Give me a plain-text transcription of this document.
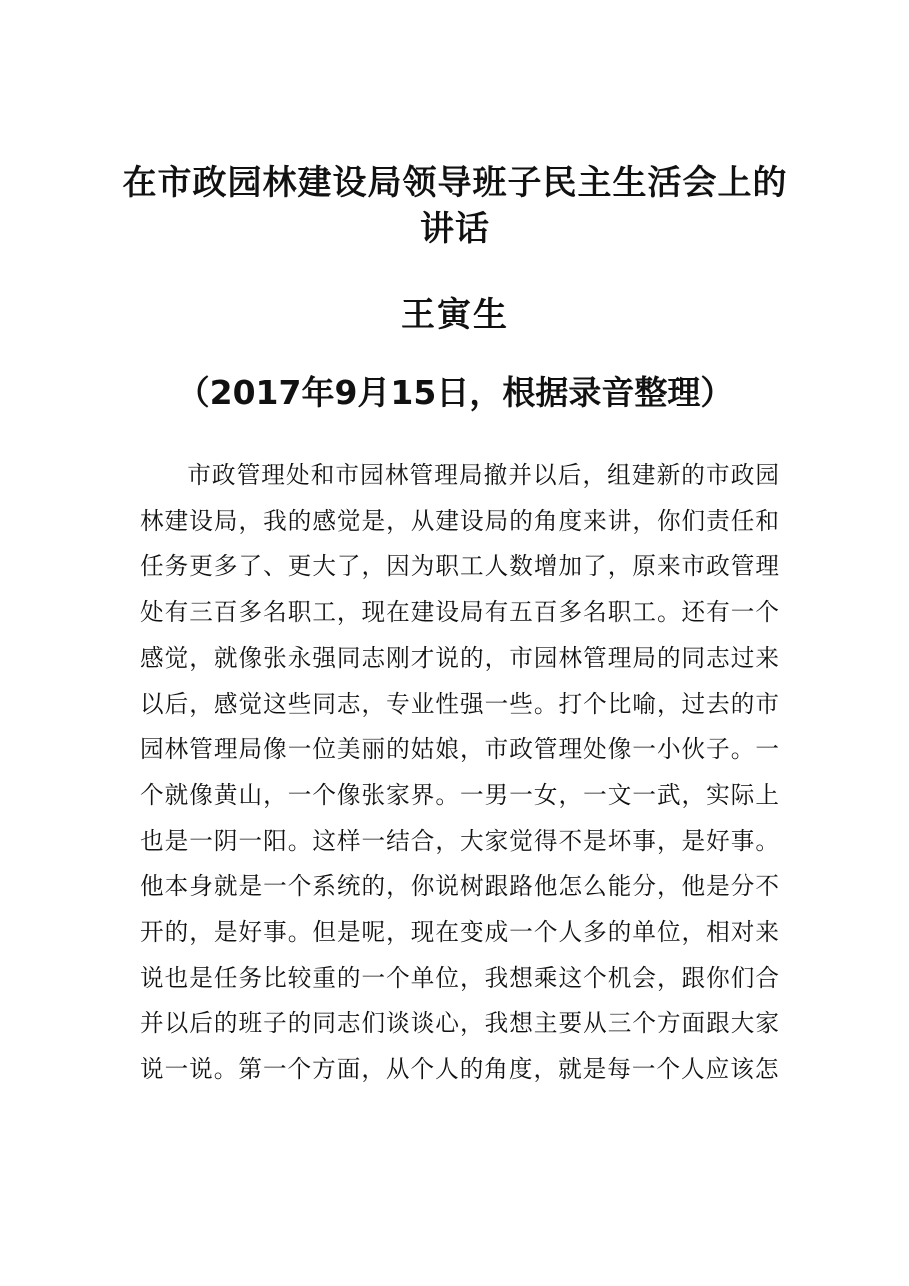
在市政园林建设局领导班子民主生活会上的讲话
王寅生
（2017年9月15日，根据录音整理）

市政管理处和市园林管理局撤并以后，组建新的市政园林建设局，我的感觉是，从建设局的角度来讲，你们责任和任务更多了、更大了，因为职工人数增加了，原来市政管理处有三百多名职工，现在建设局有五百多名职工。还有一个感觉，就像张永强同志刚才说的，市园林管理局的同志过来以后，感觉这些同志，专业性强一些。打个比喻，过去的市园林管理局像一位美丽的姑娘，市政管理处像一小伙子。一个就像黄山，一个像张家界。一男一女，一文一武，实际上也是一阴一阳。这样一结合，大家觉得不是坏事，是好事。他本身就是一个系统的，你说树跟路他怎么能分，他是分不开的，是好事。但是呢，现在变成一个人多的单位，相对来说也是任务比较重的一个单位，我想乘这个机会，跟你们合并以后的班子的同志们谈谈心，我想主要从三个方面跟大家说一说。第一个方面，从个人的角度，就是每一个人应该怎
